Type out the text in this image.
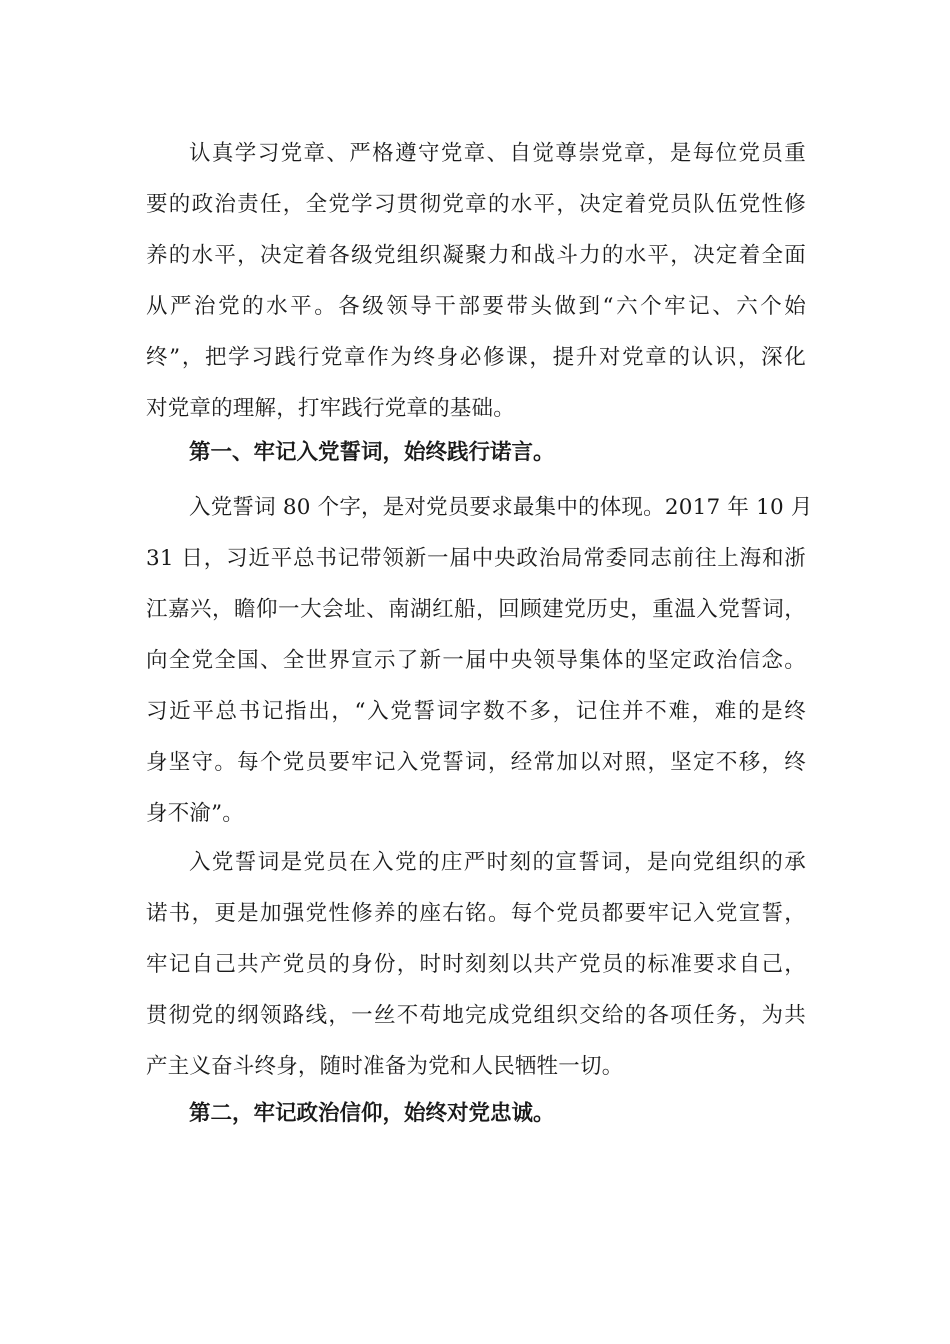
认真学习党章、严格遵守党章、自觉尊崇党章，是每位党员重
要的政治责任，全党学习贯彻党章的水平，决定着党员队伍党性修
养的水平，决定着各级党组织凝聚力和战斗力的水平，决定着全面
从严治党的水平。各级领导干部要带头做到“六个牢记、六个始
终”，把学习践行党章作为终身必修课，提升对党章的认识，深化
对党章的理解，打牢践行党章的基础。

第一、牢记入党誓词，始终践行诺言。

入党誓词 80 个字，是对党员要求最集中的体现。2017 年 10 月
31 日，习近平总书记带领新一届中央政治局常委同志前往上海和浙
江嘉兴，瞻仰一大会址、南湖红船，回顾建党历史，重温入党誓词，
向全党全国、全世界宣示了新一届中央领导集体的坚定政治信念。
习近平总书记指出，“入党誓词字数不多，记住并不难，难的是终
身坚守。每个党员要牢记入党誓词，经常加以对照，坚定不移，终
身不渝”。

入党誓词是党员在入党的庄严时刻的宣誓词，是向党组织的承
诺书，更是加强党性修养的座右铭。每个党员都要牢记入党宣誓，
牢记自己共产党员的身份，时时刻刻以共产党员的标准要求自己，
贯彻党的纲领路线，一丝不苟地完成党组织交给的各项任务，为共
产主义奋斗终身，随时准备为党和人民牺牲一切。

第二，牢记政治信仰，始终对党忠诚。
